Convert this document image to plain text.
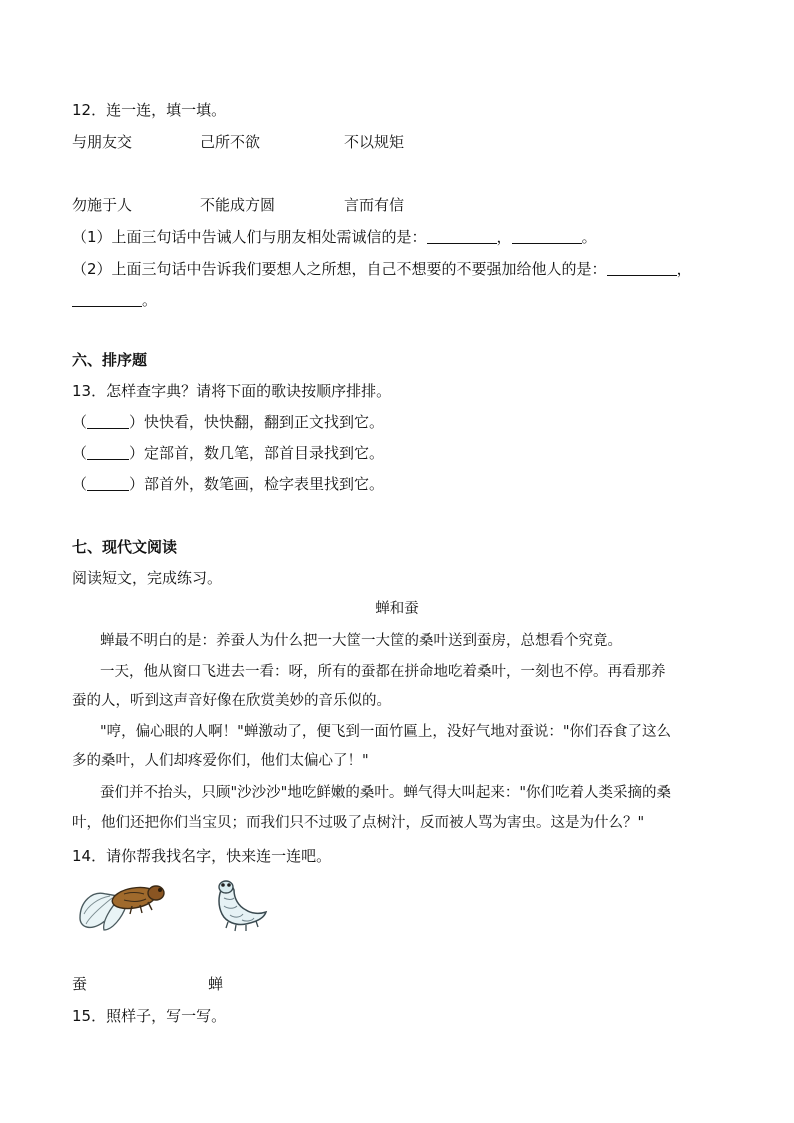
12．连一连，填一填。
与朋友交	己所不欲	不以规矩
勿施于人	不能成方圆	言而有信
（1）上面三句话中告诫人们与朋友相处需诚信的是：	，	。
（2）上面三句话中告诉我们要想人之所想，自己不想要的不要强加给他人的是：	，
。
六、排序题
13．怎样查字典？请将下面的歌诀按顺序排排。
（	）快快看，快快翻，翻到正文找到它。
（	）定部首，数几笔，部首目录找到它。
（	）部首外，数笔画，检字表里找到它。
七、现代文阅读
阅读短文，完成练习。
蝉和蚕
蝉最不明白的是：养蚕人为什么把一大筐一大筐的桑叶送到蚕房，总想看个究竟。
一天，他从窗口飞进去一看：呀，所有的蚕都在拼命地吃着桑叶，一刻也不停。再看那养
蚕的人，听到这声音好像在欣赏美妙的音乐似的。
"哼，偏心眼的人啊！"蝉激动了，便飞到一面竹匾上，没好气地对蚕说："你们吞食了这么
多的桑叶，人们却疼爱你们，他们太偏心了！"
蚕们并不抬头，只顾"沙沙沙"地吃鲜嫩的桑叶。蝉气得大叫起来："你们吃着人类采摘的桑
叶，他们还把你们当宝贝；而我们只不过吸了点树汁，反而被人骂为害虫。这是为什么？"
14．请你帮我找名字，快来连一连吧。
蚕	蝉
15．照样子，写一写。
